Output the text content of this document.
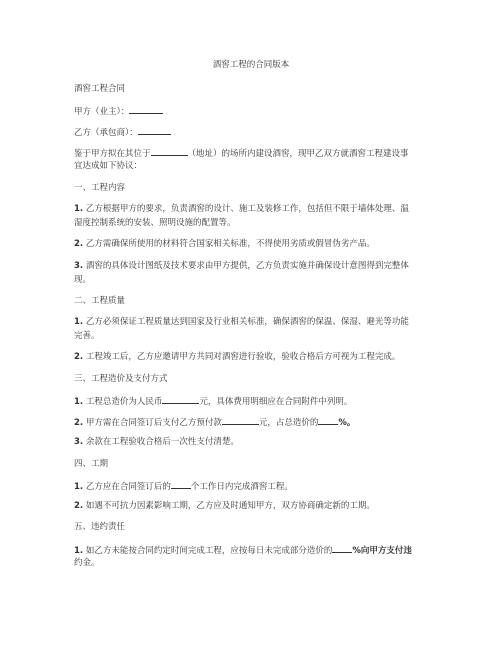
酒窖工程的合同版本
酒窖工程合同
甲方（业主）：
乙方（承包商）：
鉴于甲方拟在其位于	（地址）的场所内建设酒窖，现甲乙双方就酒窖工程建设事
宜达成如下协议：
一、工程内容
1. 乙方根据甲方的要求，负责酒窖的设计、施工及装修工作，包括但不限于墙体处理、温
湿度控制系统的安装、照明设施的配置等。
2. 乙方需确保所使用的材料符合国家相关标准，不得使用劣质或假冒伪劣产品。
3. 酒窖的具体设计图纸及技术要求由甲方提供，乙方负责实施并确保设计意图得到完整体
现。
二、工程质量
1. 乙方必须保证工程质量达到国家及行业相关标准，确保酒窖的保温、保湿、避光等功能
完善。
2. 工程竣工后，乙方应邀请甲方共同对酒窖进行验收，验收合格后方可视为工程完成。
三、工程造价及支付方式
1. 工程总造价为人民币	元，具体费用明细应在合同附件中列明。
2. 甲方需在合同签订后支付乙方预付款	元，占总造价的 %。
3. 余款在工程验收合格后一次性支付清楚。
四、工期
1. 乙方应在合同签订后的 个工作日内完成酒窖工程。
2. 如遇不可抗力因素影响工期，乙方应及时通知甲方，双方协商确定新的工期。
五、违约责任
1. 如乙方未能按合同约定时间完成工程，应按每日未完成部分造价的 %向甲方支付违
约金。
